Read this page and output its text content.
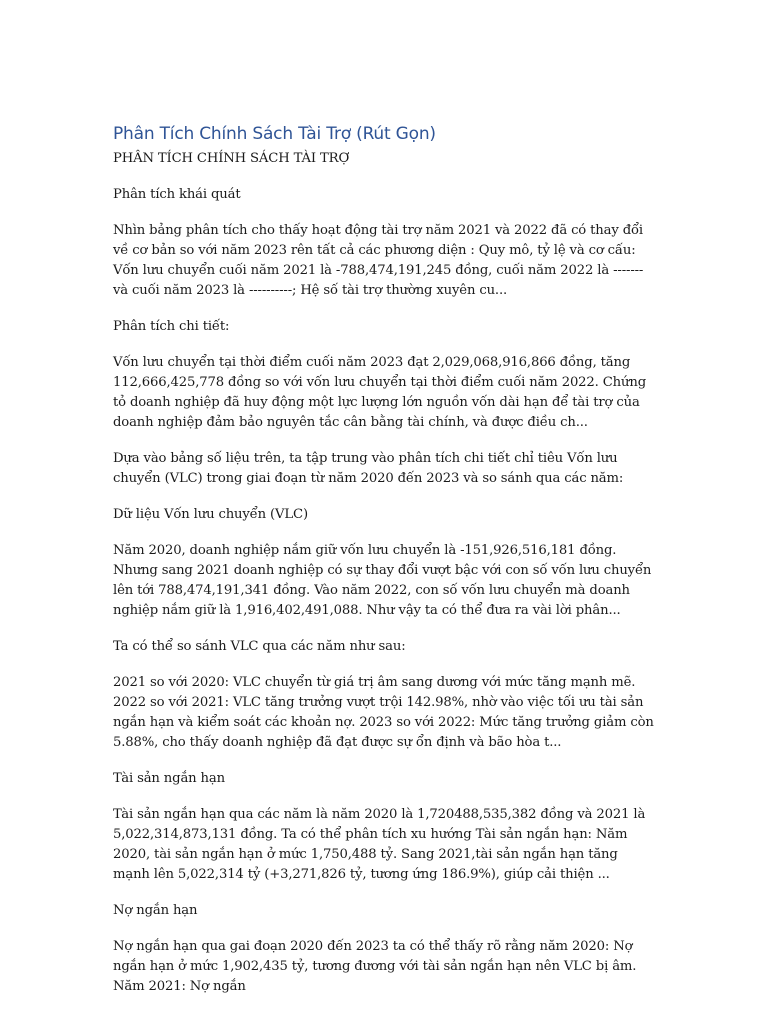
Phân Tích Chính Sách Tài Trợ (Rút Gọn)

PHÂN TÍCH CHÍNH SÁCH TÀI TRỢ

Phân tích khái quát

Nhìn bảng phân tích cho thấy hoạt động tài trợ năm 2021 và 2022 đã có thay đổi về cơ bản so với năm 2023 rên tất cả các phương diện : Quy mô, tỷ lệ và cơ cấu: Vốn lưu chuyển cuối năm 2021 là -788,474,191,245 đồng, cuối năm 2022 là ------- và cuối năm 2023 là ----------; Hệ số tài trợ thường xuyên cu...

Phân tích chi tiết:

Vốn lưu chuyển tại thời điểm cuối năm 2023 đạt 2,029,068,916,866 đồng, tăng 112,666,425,778 đồng so với vốn lưu chuyển tại thời điểm cuối năm 2022. Chứng tỏ doanh nghiệp đã huy động một lực lượng lớn nguồn vốn dài hạn để tài trợ của doanh nghiệp đảm bảo nguyên tắc cân bằng tài chính, và được điều ch...

Dựa vào bảng số liệu trên, ta tập trung vào phân tích chi tiết chỉ tiêu Vốn lưu chuyển (VLC) trong giai đoạn từ năm 2020 đến 2023 và so sánh qua các năm:

Dữ liệu Vốn lưu chuyển (VLC)

Năm 2020, doanh nghiệp nắm giữ vốn lưu chuyển là -151,926,516,181 đồng. Nhưng sang 2021 doanh nghiệp có sự thay đổi vượt bậc với con số vốn lưu chuyển lên tới 788,474,191,341 đồng. Vào năm 2022, con số vốn lưu chuyển mà doanh nghiệp nắm giữ là 1,916,402,491,088. Như vậy ta có thể đưa ra vài lời phân...

Ta có thể so sánh VLC qua các năm như sau:

2021 so với 2020: VLC chuyển từ giá trị âm sang dương với mức tăng mạnh mẽ. 2022 so với 2021: VLC tăng trưởng vượt trội 142.98%, nhờ vào việc tối ưu tài sản ngắn hạn và kiểm soát các khoản nợ. 2023 so với 2022: Mức tăng trưởng giảm còn 5.88%, cho thấy doanh nghiệp đã đạt được sự ổn định và bão hòa t...

Tài sản ngắn hạn

Tài sản ngắn hạn qua các năm là năm 2020 là 1,720488,535,382 đồng và 2021 là 5,022,314,873,131 đồng. Ta có thể phân tích xu hướng Tài sản ngắn hạn: Năm 2020, tài sản ngắn hạn ở mức 1,750,488 tỷ. Sang 2021,tài sản ngắn hạn tăng mạnh lên 5,022,314 tỷ (+3,271,826 tỷ, tương ứng 186.9%), giúp cải thiện ...

Nợ ngắn hạn

Nợ ngắn hạn qua gai đoạn 2020 đến 2023 ta có thể thấy rõ rằng năm 2020: Nợ ngắn hạn ở mức 1,902,435 tỷ, tương đương với tài sản ngắn hạn nên VLC bị âm. Năm 2021: Nợ ngắn
